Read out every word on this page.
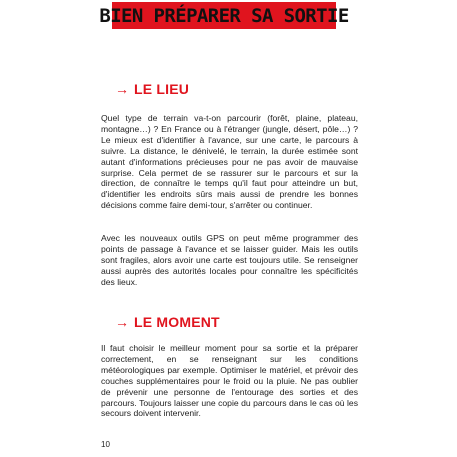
BIEN PRÉPARER SA SORTIE
→ LE LIEU

Quel type de terrain va-t-on parcourir (forêt, plaine, plateau, montagne…) ? En France ou à l'étranger (jungle, désert, pôle…) ? Le mieux est d'identifier à l'avance, sur une carte, le parcours à suivre. La distance, le dénivelé, le terrain, la durée estimée sont autant d'informations précieuses pour ne pas avoir de mauvaise surprise. Cela permet de se rassurer sur le parcours et sur la direction, de connaître le temps qu'il faut pour atteindre un but, d'identifier les endroits sûrs mais aussi de prendre les bonnes décisions comme faire demi-tour, s'arrêter ou continuer.

Avec les nouveaux outils GPS on peut même programmer des points de passage à l'avance et se laisser guider. Mais les outils sont fragiles, alors avoir une carte est toujours utile. Se renseigner aussi auprès des autorités locales pour connaître les spécificités des lieux.

→ LE MOMENT

Il faut choisir le meilleur moment pour sa sortie et la préparer correctement, en se renseignant sur les conditions météorologiques par exemple. Optimiser le matériel, et prévoir des couches supplémentaires pour le froid ou la pluie. Ne pas oublier de prévenir une personne de l'entourage des sorties et des parcours. Toujours laisser une copie du parcours dans le cas où les secours doivent intervenir.

10
